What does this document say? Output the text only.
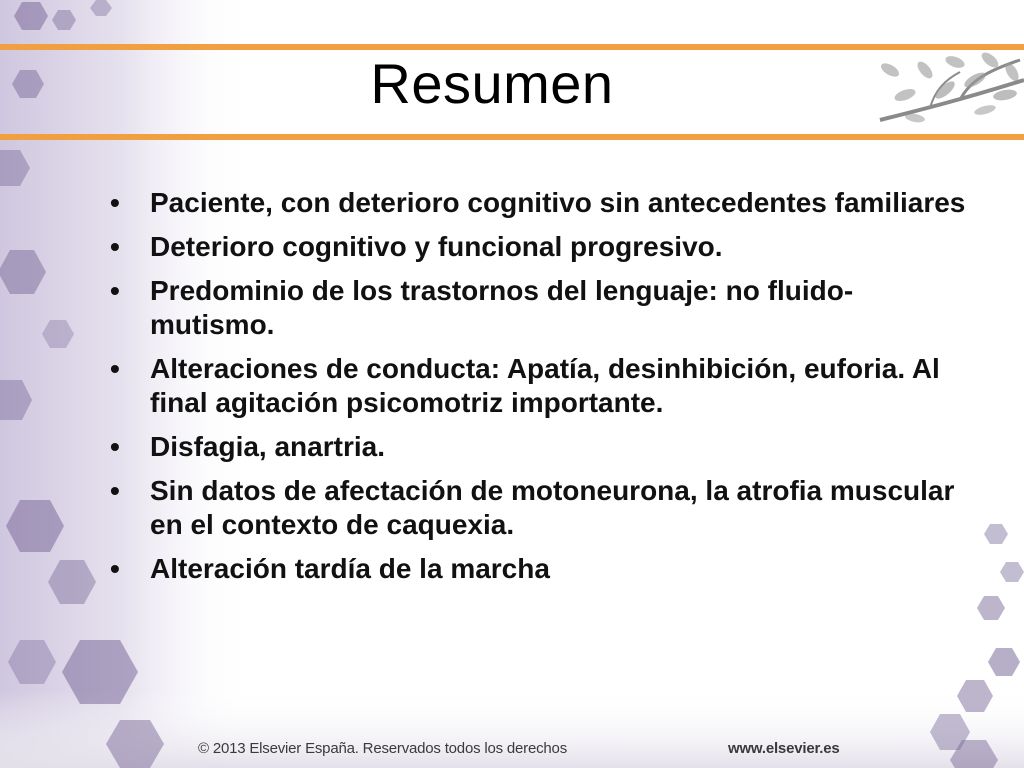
Resumen
• Paciente, con deterioro cognitivo sin antecedentes familiares
• Deterioro cognitivo y funcional progresivo.
• Predominio de los trastornos del lenguaje: no fluido-mutismo.
• Alteraciones de conducta: Apatía, desinhibición, euforia. Al final agitación psicomotriz importante.
• Disfagia, anartria.
• Sin datos de afectación de motoneurona, la atrofia muscular en el contexto de caquexia.
• Alteración tardía de la marcha
© 2013 Elsevier España. Reservados todos los derechos	www.elsevier.es
